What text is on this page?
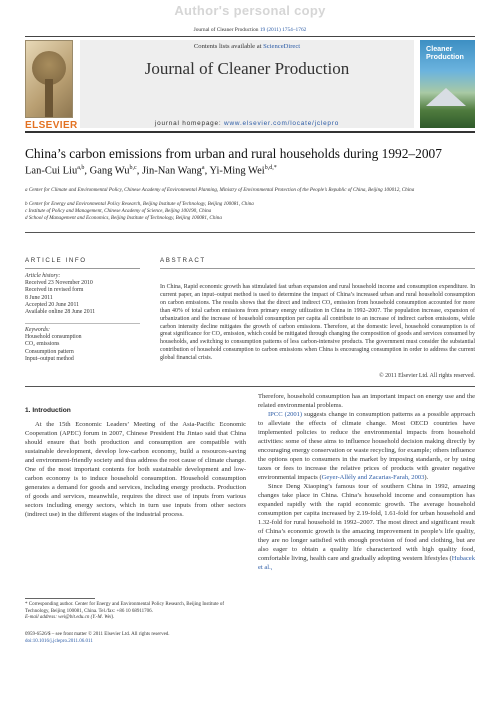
Author's personal copy
Journal of Cleaner Production 19 (2011) 1754–1762
ELSEVIER
Contents lists available at ScienceDirect
Journal of Cleaner Production
journal homepage: www.elsevier.com/locate/jclepro
Cleaner Production
China’s carbon emissions from urban and rural households during 1992–2007
Lan-Cui Liu$^{a,b}$, Gang Wu$^{b,c}$, Jin-Nan Wang$^a$, Yi-Ming Wei$^{b,d,*}$
a Center for Climate and Environmental Policy, Chinese Academy of Environmental Planning, Ministry of Environmental Protection of the People’s Republic of China, Beijing 100012, China
b Center for Energy and Environmental Policy Research, Beijing Institute of Technology, Beijing 100081, China
c Institute of Policy and Management, Chinese Academy of Science, Beijing 100190, China
d School of Management and Economics, Beijing Institute of Technology, Beijing 100081, China
ARTICLE INFO
Article history:
Received 23 November 2010
Received in revised form
8 June 2011
Accepted 20 June 2011
Available online 28 June 2011
Keywords:
Household consumption
CO₂ emissions
Consumption pattern
Input–output method
ABSTRACT
In China, Rapid economic growth has stimulated fast urban expansion and rural household income and consumption expenditure. In current paper, an input–output method is used to determine the impact of China’s increased urban and rural household consumption on carbon emissions. The results shows that the direct and indirect CO₂ emission from household consumption accounted for more than 40% of total carbon emissions from primary energy utilization in China in 1992–2007. The population increase, expansion of urbanization and the increase of household consumption per capita all contribute to an increase of indirect carbon emissions, while carbon intensity decline mitigates the growth of carbon emissions. Therefore, at the domestic level, household consumption is of great significance for CO₂ emission, which could be mitigated through changing the composition of goods and services consumed by households, and switching to consumption patterns of less carbon-intensive products. The government must consider the substantial contribution of household consumption to carbon emissions when China is encouraging consumption in order to address the current global financial crisis.
© 2011 Elsevier Ltd. All rights reserved.
1. Introduction
At the 15th Economic Leaders’ Meeting of the Asia-Pacific Economic Cooperation (APEC) forum in 2007, Chinese President Hu Jintao said that China should ensure that both production and consumption are compatible with sustainable development, develop low-carbon economy, build a resources-saving and environment-friendly society and thus address the root cause of climate change. One of the most important contents for both sustainable development and low-carbon economy is to induce household consumption. Household consumption generates a demand for goods and services, including energy products. Production of goods and services, meanwhile, requires the direct use of inputs from various sectors including energy sectors, which in turn use inputs from other sectors (indirect use) in the different stages of the industrial process.
Therefore, household consumption has an important impact on energy use and the related environmental problems.
IPCC (2001) suggests change in consumption patterns as a possible approach to alleviate the effects of climate change. Most OECD countries have implemented policies to reduce the environmental impacts from household activities: some of these aims to influence household decision making directly by encouraging energy conservation or waste recycling, for example; others influence the options open to consumers in the market by imposing standards, or by using taxes or fees to increase the relative prices of products with greater negative environmental impacts (Geyer-Allély and Zacarias-Farah, 2003).
Since Deng Xiaoping’s famous tour of southern China in 1992, amazing changes take place in China. China’s household income and consumption has expanded rapidly with the rapid economic growth. The average household consumption per capita increased by 2.19-fold, 1.61-fold for urban household and 1.32-fold for rural household in 1992–2007. The most direct and significant result of China’s economic growth is the amazing improvement in people’s life quality, they are no longer satisfied with enough provision of food and clothing, but are also eager to obtain a quality life characterized with high quality food, comfortable living, health care and gradually adopting western lifestyles (Hubacek et al.,
* Corresponding author. Center for Energy and Environmental Policy Research, Beijing Institute of Technology, Beijing 100081, China. Tel./fax: +86 10 68911706.
E-mail address: wei@bit.edu.cn (Y.-M. Wei).
0959-6526/$ – see front matter © 2011 Elsevier Ltd. All rights reserved.
doi:10.1016/j.jclepro.2011.06.011
